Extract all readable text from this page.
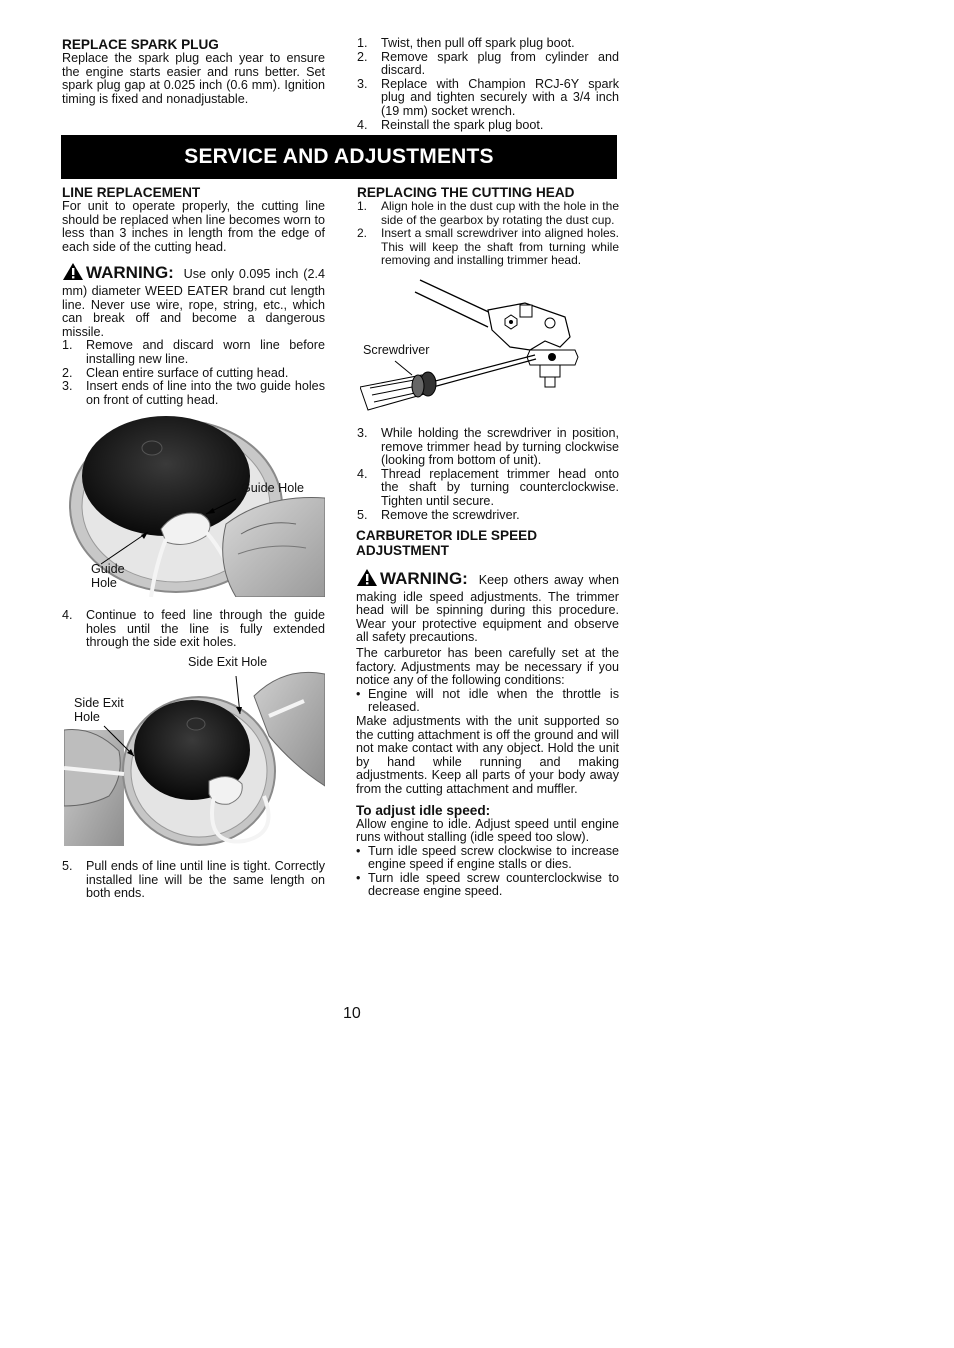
REPLACE SPARK PLUG

Replace the spark plug each year to ensure the engine starts easier and runs better. Set spark plug gap at 0.025 inch (0.6 mm). Ignition timing is fixed and nonadjustable.

1. Twist, then pull off spark plug boot.
2. Remove spark plug from cylinder and discard.
3. Replace with Champion RCJ-6Y spark plug and tighten securely with a 3/4 inch (19 mm) socket wrench.
4. Reinstall the spark plug boot.
SERVICE AND ADJUSTMENTS
LINE REPLACEMENT

For unit to operate properly, the cutting line should be replaced when line becomes worn to less than 3 inches in length from the edge of each side of the cutting head.

WARNING: Use only 0.095 inch (2.4 mm) diameter WEED EATER brand cut length line. Never use wire, rope, string, etc., which can break off and become a dangerous missile.

1. Remove and discard worn line before installing new line.
2. Clean entire surface of cutting head.
3. Insert ends of line into the two guide holes on front of cutting head.
Guide Hole
Guide Hole
4. Continue to feed line through the guide holes until the line is fully extended through the side exit holes.
Side Exit Hole
Side Exit Hole
5. Pull ends of line until line is tight. Correctly installed line will be the same length on both ends.
REPLACING THE CUTTING HEAD
1. Align hole in the dust cup with the hole in the side of the gearbox by rotating the dust cup.
2. Insert a small screwdriver into aligned holes. This will keep the shaft from turning while removing and installing trimmer head.
Screwdriver
3. While holding the screwdriver in position, remove trimmer head by turning clockwise (looking from bottom of unit).
4. Thread replacement trimmer head onto the shaft by turning counterclockwise. Tighten until secure.
5. Remove the screwdriver.
CARBURETOR IDLE SPEED ADJUSTMENT

WARNING: Keep others away when making idle speed adjustments. The trimmer head will be spinning during this procedure. Wear your protective equipment and observe all safety precautions.

The carburetor has been carefully set at the factory. Adjustments may be necessary if you notice any of the following conditions:

• Engine will not idle when the throttle is released.

Make adjustments with the unit supported so the cutting attachment is off the ground and will not make contact with any object. Hold the unit by hand while running and making adjustments. Keep all parts of your body away from the cutting attachment and muffler.

To adjust idle speed:

Allow engine to idle. Adjust speed until engine runs without stalling (idle speed too slow).

• Turn idle speed screw clockwise to increase engine speed if engine stalls or dies.
• Turn idle speed screw counterclockwise to decrease engine speed.
10
